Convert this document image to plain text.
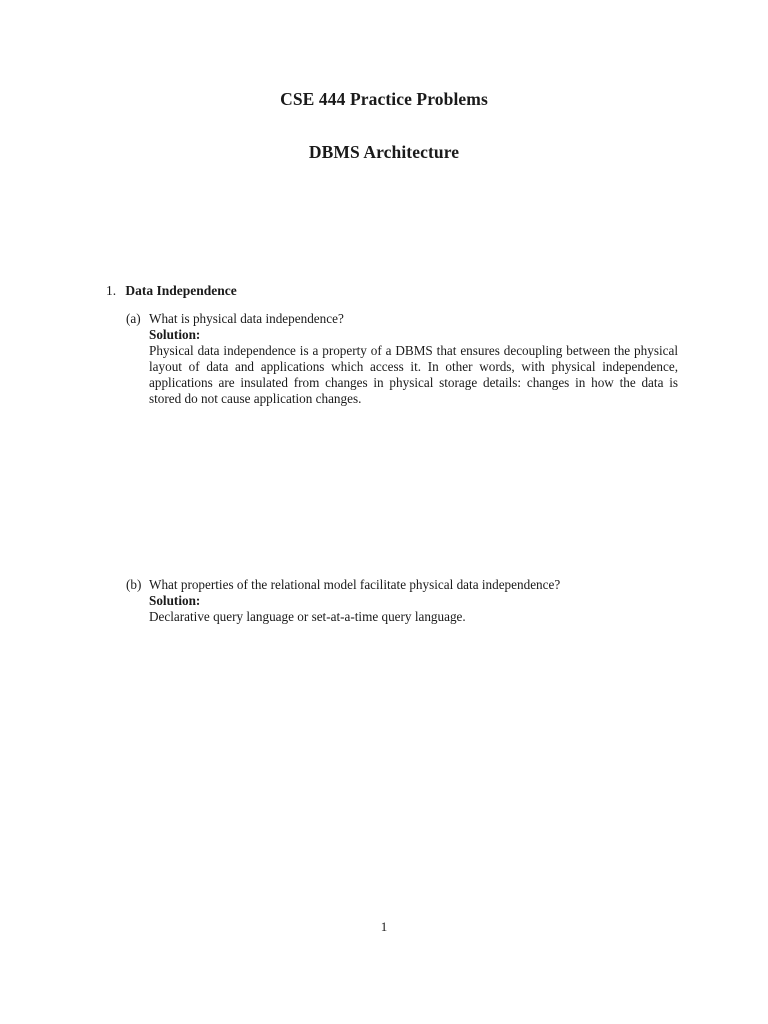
CSE 444 Practice Problems
DBMS Architecture

1. Data Independence

(a) What is physical data independence?

Solution:

Physical data independence is a property of a DBMS that ensures decoupling between the physical layout of data and applications which access it. In other words, with physical independence, applications are insulated from changes in physical storage details: changes in how the data is stored do not cause application changes.

(b) What properties of the relational model facilitate physical data independence?

Solution:

Declarative query language or set-at-a-time query language.

1
